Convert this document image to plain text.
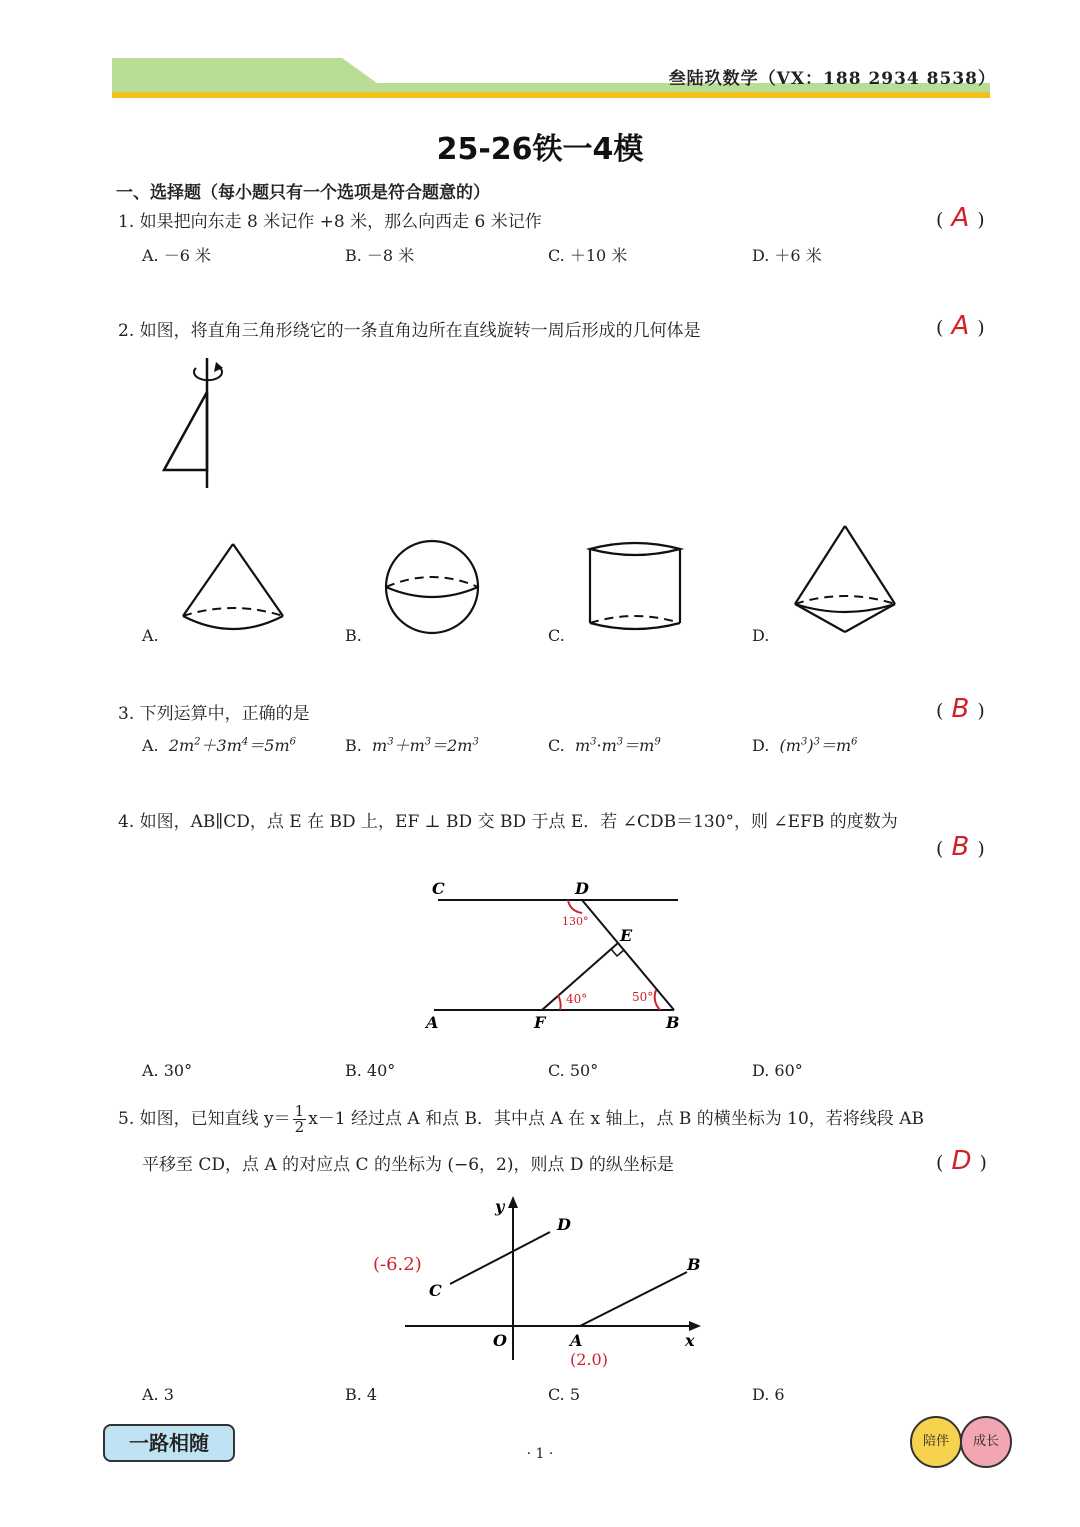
叁陆玖数学（VX：188 2934 8538）
25-26铁一4模
一、选择题（每小题只有一个选项是符合题意的）
1. 如果把向东走 8 米记作 +8 米，那么向西走 6 米记作	( A )
A. －6 米	B. －8 米	C. ＋10 米	D. ＋6 米
2. 如图，将直角三角形绕它的一条直角边所在直线旋转一周后形成的几何体是	( A )
A.	B.	C.	D.
3. 下列运算中，正确的是	( B )
A. $2m^2+3m^4=5m^6$	B. $m^3+m^3=2m^3$	C. $m^3\cdot m^3=m^9$	D. $(m^3)^3=m^6$
4. 如图，AB∥CD，点 E 在 BD 上，EF ⊥ BD 交 BD 于点 E．若 ∠CDB＝130°，则 ∠EFB 的度数为
( B )
C	D
E
A	F	B
130°
40°	50°
A. 30°	B. 40°	C. 50°	D. 60°
5. 如图，已知直线 $y= \frac{1}{2} x-1$ 经过点 A 和点 B．其中点 A 在 x 轴上，点 B 的横坐标为 10，若将线段 AB
平移至 CD，点 A 的对应点 C 的坐标为 (−6，2)，则点 D 的纵坐标是	( D )
y
D
B
C
O	A	x
(-6.2)
(2.0)
A. 3	B. 4	C. 5	D. 6
一路相随	· 1 ·
陪伴	成长
